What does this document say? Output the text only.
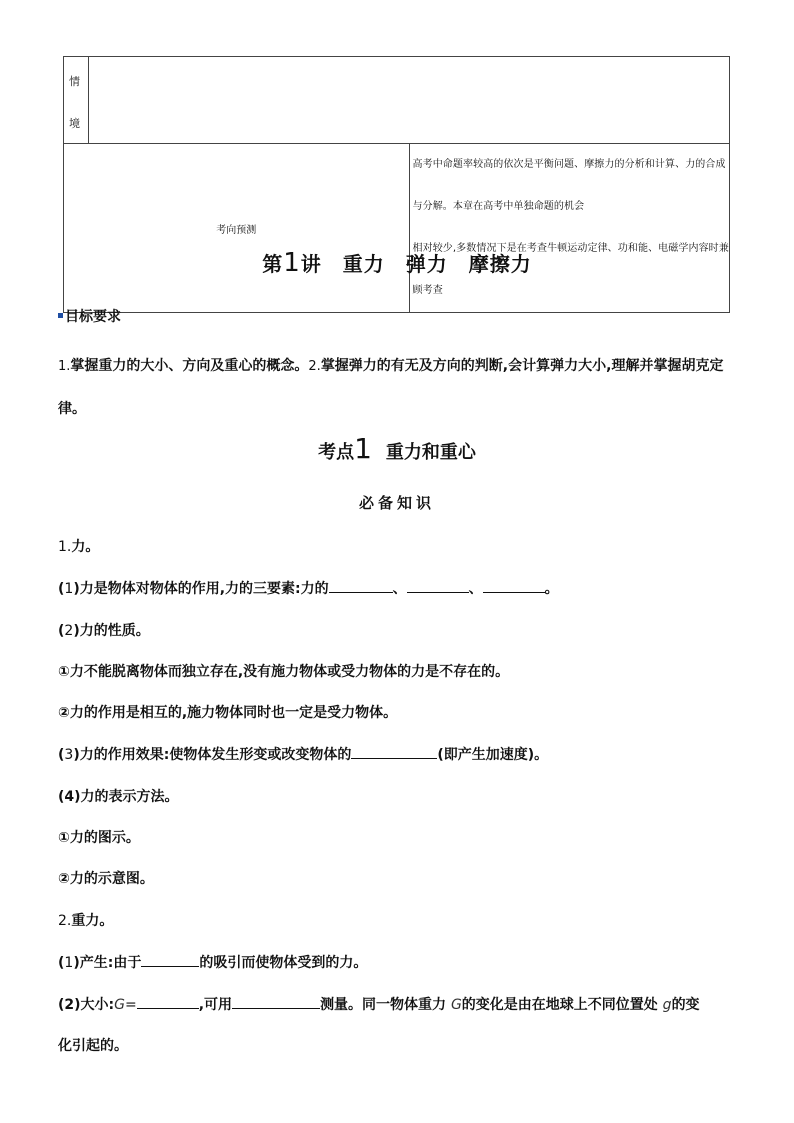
情
境		

考向预测		高考中命题率较高的依次是平衡问题、摩擦力的分析和计算、力的合成与分解。本章在高考中单独命题的机会
相对较少,多数情况下是在考查牛顿运动定律、功和能、电磁学内容时兼顾考查
第1讲　重力　弹力　摩擦力
目标要求
1.掌握重力的大小、方向及重心的概念。2.掌握弹力的有无及方向的判断,会计算弹力大小,理解并掌握胡克定律。
考点1 重力和重心
必备知识
1.力。
(1)力是物体对物体的作用,力的三要素:力的	、	、	。
(2)力的性质。
①力不能脱离物体而独立存在,没有施力物体或受力物体的力是不存在的。
②力的作用是相互的,施力物体同时也一定是受力物体。
(3)力的作用效果:使物体发生形变或改变物体的	(即产生加速度)。
(4)力的表示方法。
①力的图示。
②力的示意图。
2.重力。
(1)产生:由于	的吸引而使物体受到的力。
(2)大小:G=	,可用	测量。同一物体重力 G的变化是由在地球上不同位置处 g的变
化引起的。
